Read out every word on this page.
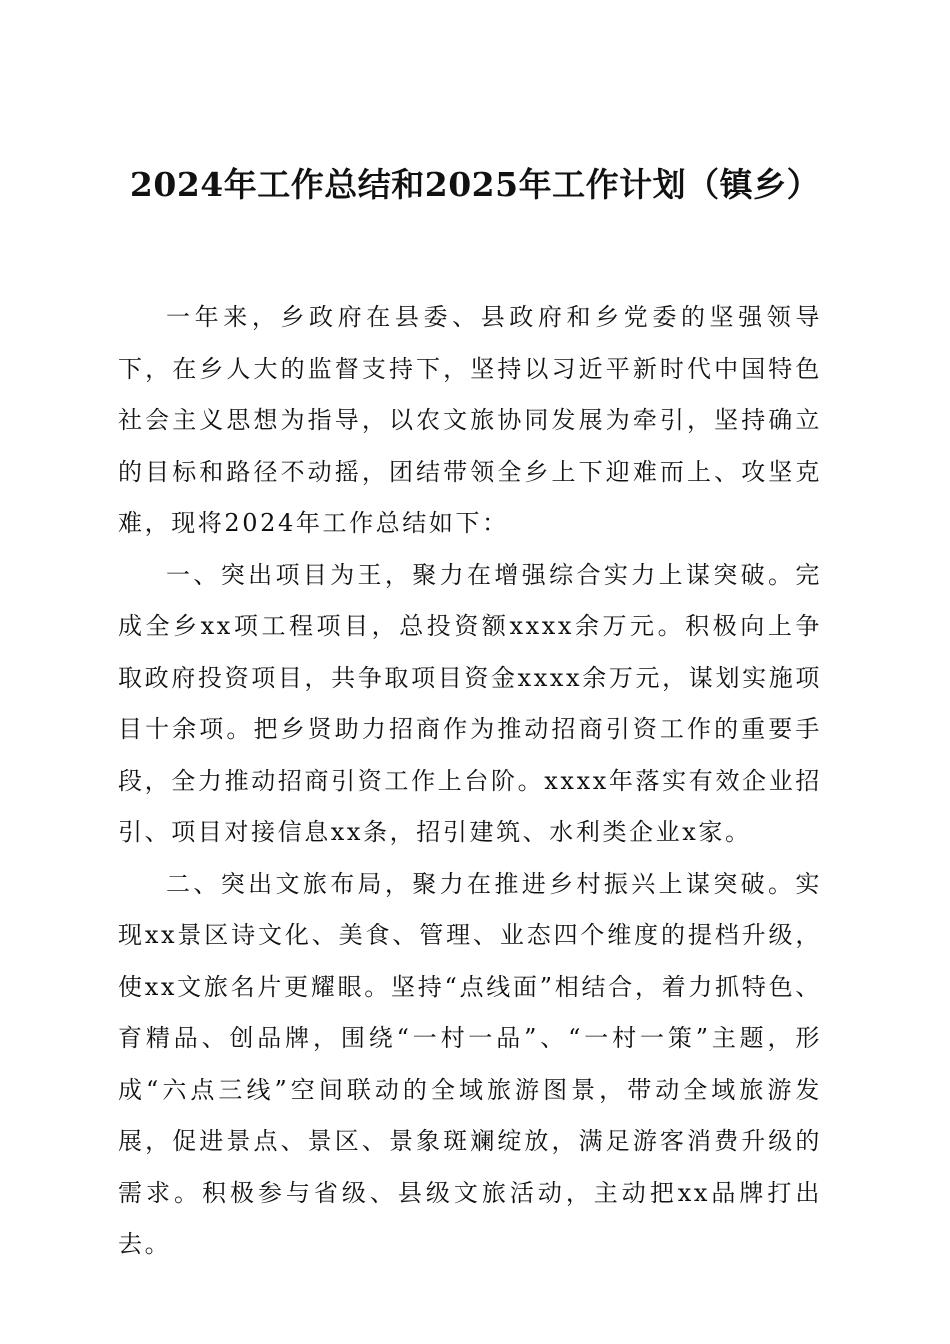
2024年工作总结和2025年工作计划（镇乡）

一年来，乡政府在县委、县政府和乡党委的坚强领导下，在乡人大的监督支持下，坚持以习近平新时代中国特色社会主义思想为指导，以农文旅协同发展为牵引，坚持确立的目标和路径不动摇，团结带领全乡上下迎难而上、攻坚克难，现将2024年工作总结如下：

一、突出项目为王，聚力在增强综合实力上谋突破。完成全乡xx项工程项目，总投资额xxxx余万元。积极向上争取政府投资项目，共争取项目资金xxxx余万元，谋划实施项目十余项。把乡贤助力招商作为推动招商引资工作的重要手段，全力推动招商引资工作上台阶。xxxx年落实有效企业招引、项目对接信息xx条，招引建筑、水利类企业x家。

二、突出文旅布局，聚力在推进乡村振兴上谋突破。实现xx景区诗文化、美食、管理、业态四个维度的提档升级，使xx文旅名片更耀眼。坚持“点线面”相结合，着力抓特色、育精品、创品牌，围绕“一村一品”、“一村一策”主题，形成“六点三线”空间联动的全域旅游图景，带动全域旅游发展，促进景点、景区、景象斑斓绽放，满足游客消费升级的需求。积极参与省级、县级文旅活动，主动把xx品牌打出去。
